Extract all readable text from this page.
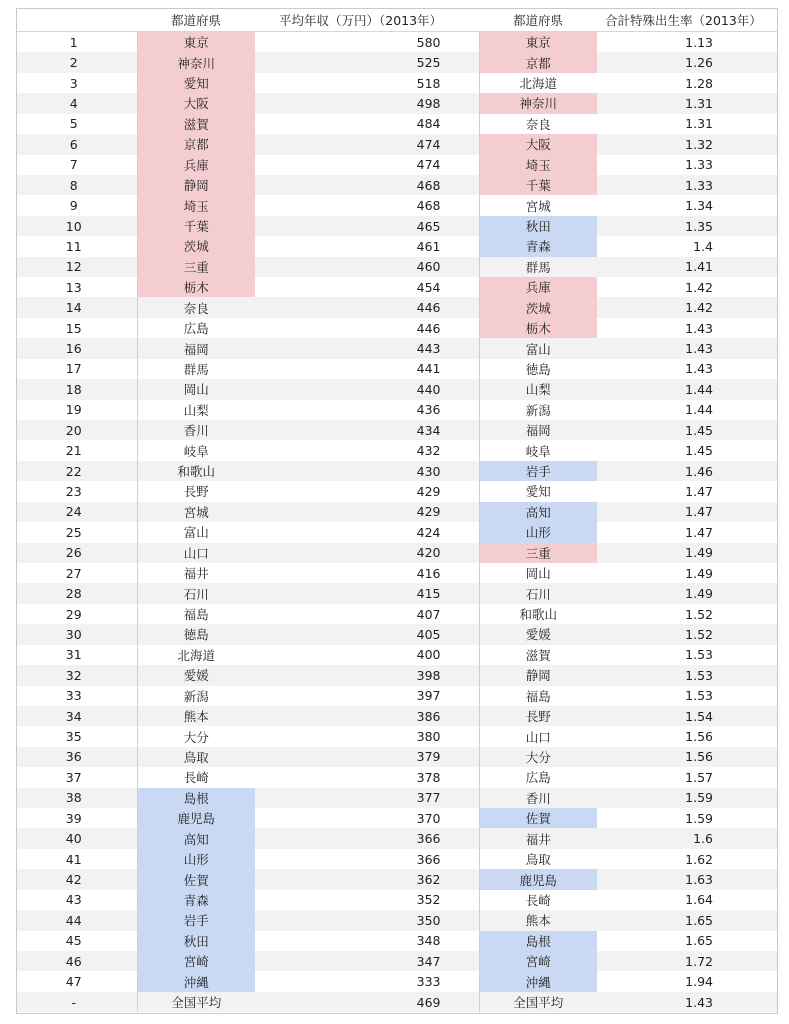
	都道府県	平均年収（万円）（2013年）	都道府県	合計特殊出生率（2013年）
1	東京	580	東京	1.13
2	神奈川	525	京都	1.26
3	愛知	518	北海道	1.28
4	大阪	498	神奈川	1.31
5	滋賀	484	奈良	1.31
6	京都	474	大阪	1.32
7	兵庫	474	埼玉	1.33
8	静岡	468	千葉	1.33
9	埼玉	468	宮城	1.34
10	千葉	465	秋田	1.35
11	茨城	461	青森	1.4
12	三重	460	群馬	1.41
13	栃木	454	兵庫	1.42
14	奈良	446	茨城	1.42
15	広島	446	栃木	1.43
16	福岡	443	富山	1.43
17	群馬	441	徳島	1.43
18	岡山	440	山梨	1.44
19	山梨	436	新潟	1.44
20	香川	434	福岡	1.45
21	岐阜	432	岐阜	1.45
22	和歌山	430	岩手	1.46
23	長野	429	愛知	1.47
24	宮城	429	高知	1.47
25	富山	424	山形	1.47
26	山口	420	三重	1.49
27	福井	416	岡山	1.49
28	石川	415	石川	1.49
29	福島	407	和歌山	1.52
30	徳島	405	愛媛	1.52
31	北海道	400	滋賀	1.53
32	愛媛	398	静岡	1.53
33	新潟	397	福島	1.53
34	熊本	386	長野	1.54
35	大分	380	山口	1.56
36	鳥取	379	大分	1.56
37	長崎	378	広島	1.57
38	島根	377	香川	1.59
39	鹿児島	370	佐賀	1.59
40	高知	366	福井	1.6
41	山形	366	鳥取	1.62
42	佐賀	362	鹿児島	1.63
43	青森	352	長崎	1.64
44	岩手	350	熊本	1.65
45	秋田	348	島根	1.65
46	宮崎	347	宮崎	1.72
47	沖縄	333	沖縄	1.94
-	全国平均	469	全国平均	1.43
